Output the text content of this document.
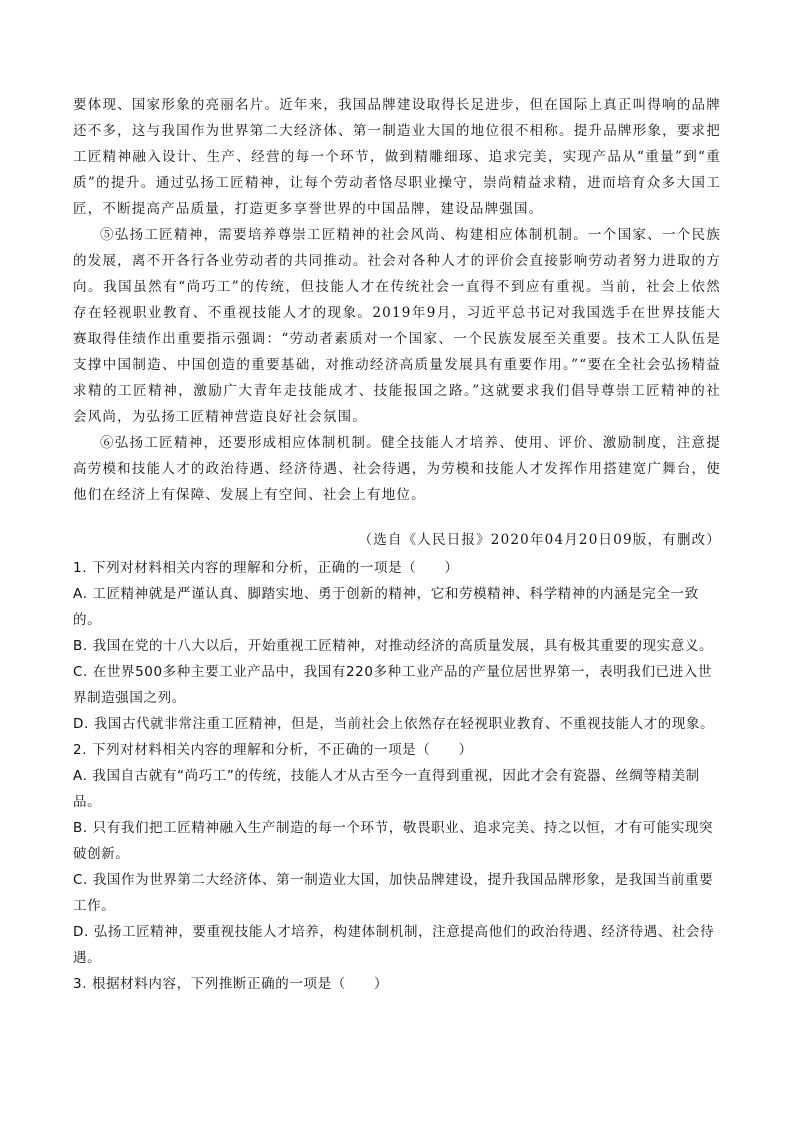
要体现、国家形象的亮丽名片。近年来，我国品牌建设取得长足进步，但在国际上真正叫得响的品牌还不多，这与我国作为世界第二大经济体、第一制造业大国的地位很不相称。提升品牌形象，要求把工匠精神融入设计、生产、经营的每一个环节，做到精雕细琢、追求完美，实现产品从“重量”到“重质”的提升。通过弘扬工匠精神，让每个劳动者恪尽职业操守，崇尚精益求精，进而培育众多大国工匠，不断提高产品质量，打造更多享誉世界的中国品牌，建设品牌强国。

⑤弘扬工匠精神，需要培养尊崇工匠精神的社会风尚、构建相应体制机制。一个国家、一个民族的发展，离不开各行各业劳动者的共同推动。社会对各种人才的评价会直接影响劳动者努力进取的方向。我国虽然有“尚巧工”的传统，但技能人才在传统社会一直得不到应有重视。当前，社会上依然存在轻视职业教育、不重视技能人才的现象。2019年9月，习近平总书记对我国选手在世界技能大赛取得佳绩作出重要指示强调：“劳动者素质对一个国家、一个民族发展至关重要。技术工人队伍是支撑中国制造、中国创造的重要基础，对推动经济高质量发展具有重要作用。”“要在全社会弘扬精益求精的工匠精神，激励广大青年走技能成才、技能报国之路。”这就要求我们倡导尊崇工匠精神的社会风尚，为弘扬工匠精神营造良好社会氛围。

⑥弘扬工匠精神，还要形成相应体制机制。健全技能人才培养、使用、评价、激励制度，注意提高劳模和技能人才的政治待遇、经济待遇、社会待遇，为劳模和技能人才发挥作用搭建宽广舞台，使他们在经济上有保障、发展上有空间、社会上有地位。

（选自《人民日报》2020年04月20日09版，有删改）

1. 下列对材料相关内容的理解和分析，正确的一项是（　　）

A. 工匠精神就是严谨认真、脚踏实地、勇于创新的精神，它和劳模精神、科学精神的内涵是完全一致的。

B. 我国在党的十八大以后，开始重视工匠精神，对推动经济的高质量发展，具有极其重要的现实意义。

C. 在世界500多种主要工业产品中，我国有220多种工业产品的产量位居世界第一，表明我们已进入世界制造强国之列。

D. 我国古代就非常注重工匠精神，但是，当前社会上依然存在轻视职业教育、不重视技能人才的现象。

2. 下列对材料相关内容的理解和分析，不正确的一项是（　　）

A. 我国自古就有“尚巧工”的传统，技能人才从古至今一直得到重视，因此才会有瓷器、丝绸等精美制品。

B. 只有我们把工匠精神融入生产制造的每一个环节，敬畏职业、追求完美、持之以恒，才有可能实现突破创新。

C. 我国作为世界第二大经济体、第一制造业大国，加快品牌建设，提升我国品牌形象，是我国当前重要工作。

D. 弘扬工匠精神，要重视技能人才培养，构建体制机制，注意提高他们的政治待遇、经济待遇、社会待遇。

3. 根据材料内容，下列推断正确的一项是（　　）
